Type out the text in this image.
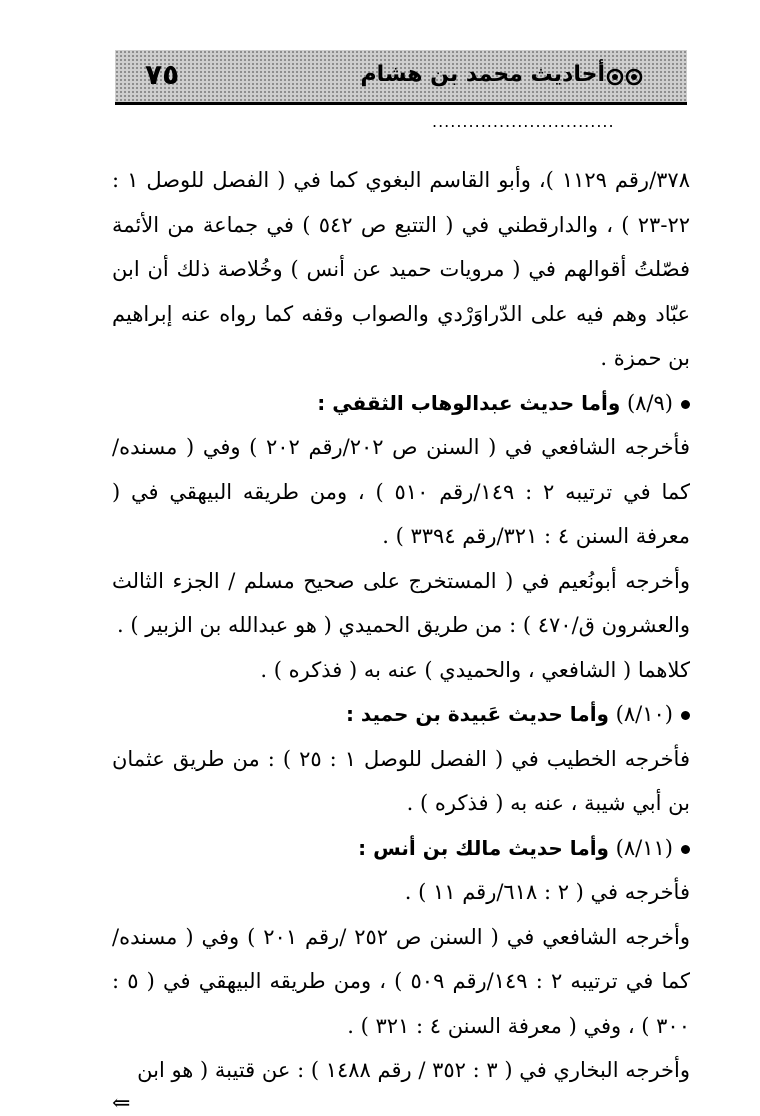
٧٥	أحاديث محمد بن هشام
..............................

٣٧٨/رقم ١١٢٩ )، وأبو القاسم البغوي كما في ( الفصل للوصل ١ : ٢٢-٢٣ ) ، والدارقطني في ( التتبع ص ٥٤٢ ) في جماعة من الأئمة فصّلتُ أقوالهم في ( مرويات حميد عن أنس ) وخُلاصة ذلك أن ابن عبّاد وهم فيه على الدّراوَرْدي والصواب وقفه كما رواه عنه إبراهيم بن حمزة .

(٨/٩) وأما حديث عبدالوهاب الثقفي :

فأخرجه الشافعي في ( السنن ص ٢٠٢/رقم ٢٠٢ ) وفي ( مسنده/ كما في ترتيبه ٢ : ١٤٩/رقم ٥١٠ ) ، ومن طريقه البيهقي في ( معرفة السنن ٤ : ٣٢١/رقم ٣٣٩٤ ) .

وأخرجه أبونُعيم في ( المستخرج على صحيح مسلم / الجزء الثالث والعشرون ق/٤٧٠ ) : من طريق الحميدي ( هو عبدالله بن الزبير ) .

كلاهما ( الشافعي ، والحميدي ) عنه به ( فذكره ) .

(٨/١٠) وأما حديث عَبيدة بن حميد :

فأخرجه الخطيب في ( الفصل للوصل ١ : ٢٥ ) : من طريق عثمان بن أبي شيبة ، عنه به ( فذكره ) .

(٨/١١) وأما حديث مالك بن أنس :

فأخرجه في ( ٢ : ٦١٨/رقم ١١ ) .

وأخرجه الشافعي في ( السنن ص ٢٥٢ /رقم ٢٠١ ) وفي ( مسنده/ كما في ترتيبه ٢ : ١٤٩/رقم ٥٠٩ ) ، ومن طريقه البيهقي في ( ٥ : ٣٠٠ ) ، وفي ( معرفة السنن ٤ : ٣٢١ ) .

وأخرجه البخاري في ( ٣ : ٣٥٢ / رقم ١٤٨٨ ) : عن قتيبة ( هو ابن

⇐
